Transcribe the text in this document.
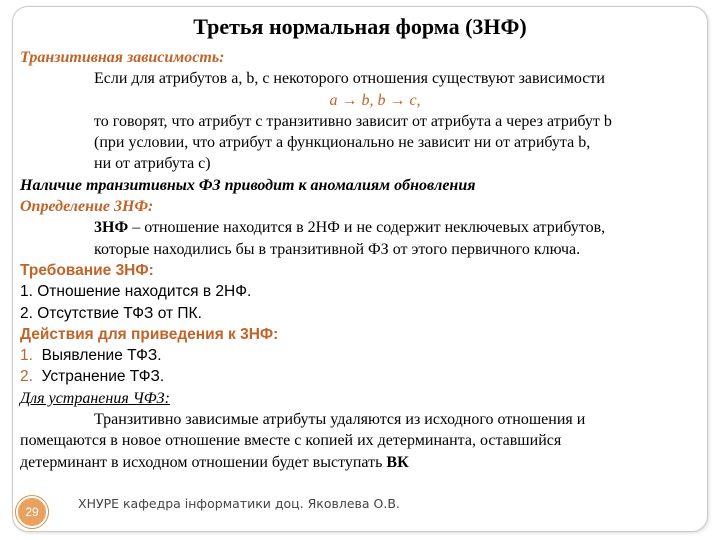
Третья нормальная форма (3НФ)
Транзитивная зависимость:
Если для атрибутов a, b, c некоторого отношения существуют зависимости
a → b, b → c,
то говорят, что атрибут c транзитивно зависит от атрибута a через атрибут b
(при условии, что атрибут a функционально не зависит ни от атрибута b,
ни от атрибута c)
Наличие транзитивных ФЗ приводит к аномалиям обновления
Определение 3НФ:
3НФ – отношение находится в 2НФ и не содержит неключевых атрибутов,
которые находились бы в транзитивной ФЗ от этого первичного ключа.
Требование 3НФ:
1. Отношение находится в 2НФ.
2. Отсутствие ТФЗ от ПК.
Действия для приведения к 3НФ:
1. Выявление ТФЗ.
2. Устранение ТФЗ.
Для устранения ЧФЗ:
Транзитивно зависимые атрибуты удаляются из исходного отношения и
помещаются в новое отношение вместе с копией их детерминанта, оставшийся
детерминант в исходном отношении будет выступать ВК
29
ХНУРЕ кафедра інформатики доц. Яковлева О.В.
